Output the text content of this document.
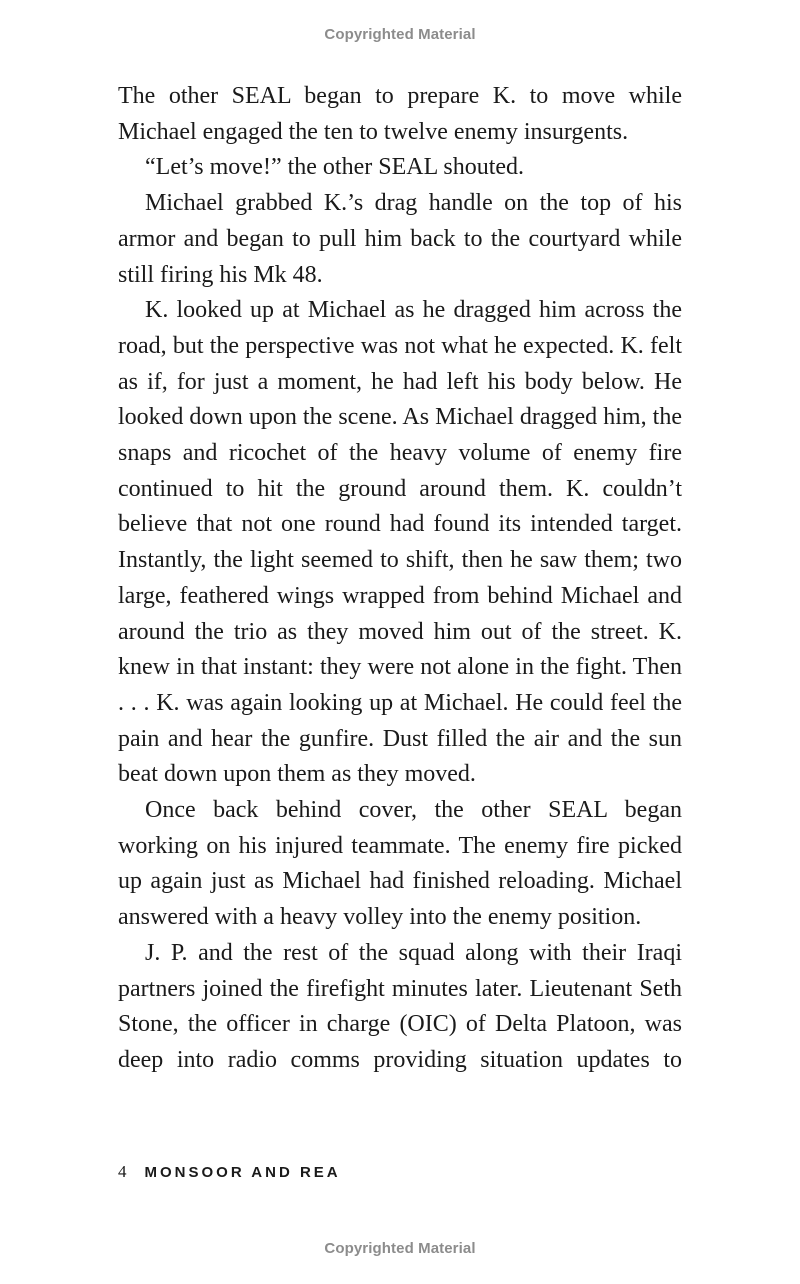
Copyrighted Material

The other SEAL began to prepare K. to move while Michael engaged the ten to twelve enemy insurgents.

“Let’s move!” the other SEAL shouted.

Michael grabbed K.’s drag handle on the top of his armor and began to pull him back to the courtyard while still firing his Mk 48.

K. looked up at Michael as he dragged him across the road, but the perspective was not what he expected. K. felt as if, for just a moment, he had left his body below. He looked down upon the scene. As Michael dragged him, the snaps and ricochet of the heavy volume of enemy fire continued to hit the ground around them. K. couldn’t believe that not one round had found its intended target. Instantly, the light seemed to shift, then he saw them; two large, feathered wings wrapped from behind Michael and around the trio as they moved him out of the street. K. knew in that instant: they were not alone in the fight. Then . . . K. was again looking up at Michael. He could feel the pain and hear the gunfire. Dust filled the air and the sun beat down upon them as they moved.

Once back behind cover, the other SEAL began working on his injured teammate. The enemy fire picked up again just as Michael had finished reloading. Michael answered with a heavy volley into the enemy position.

J. P. and the rest of the squad along with their Iraqi partners joined the firefight minutes later. Lieutenant Seth Stone, the officer in charge (OIC) of Delta Platoon, was deep into radio comms providing situation updates to

4 MONSOOR AND REA
Copyrighted Material
